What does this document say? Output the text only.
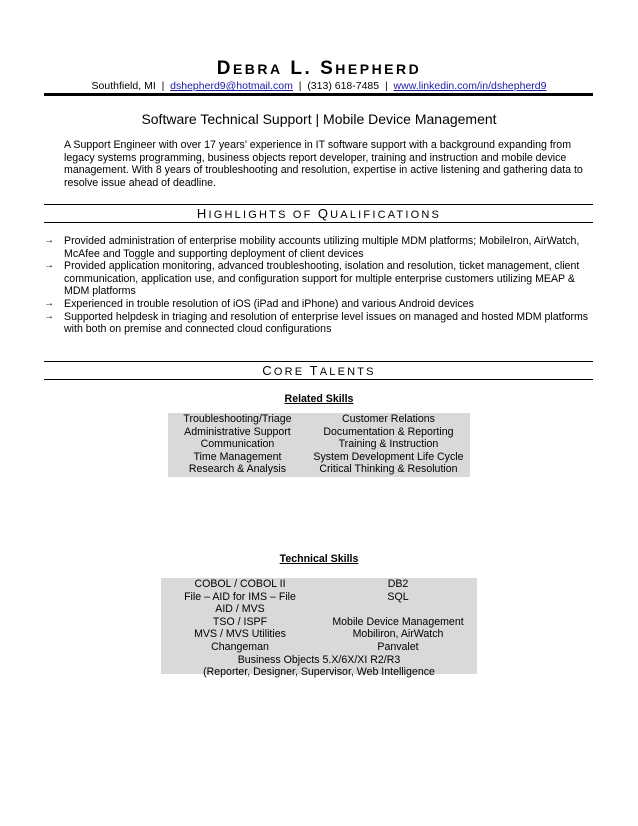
DEBRA L. SHEPHERD
Southfield, MI | dshepherd9@hotmail.com | (313) 618-7485 | www.linkedin.com/in/dshepherd9
Software Technical Support | Mobile Device Management
A Support Engineer with over 17 years’ experience in IT software support with a background expanding from legacy systems programming, business objects report developer, training and instruction and mobile device management. With 8 years of troubleshooting and resolution, expertise in active listening and gathering data to resolve issue ahead of deadline.
HIGHLIGHTS OF QUALIFICATIONS
→ Provided administration of enterprise mobility accounts utilizing multiple MDM platforms; MobileIron, AirWatch, McAfee and Toggle and supporting deployment of client devices
→ Provided application monitoring, advanced troubleshooting, isolation and resolution, ticket management, client communication, application use, and configuration support for multiple enterprise customers utilizing MEAP & MDM platforms
→ Experienced in trouble resolution of iOS (iPad and iPhone) and various Android devices
→ Supported helpdesk in triaging and resolution of enterprise level issues on managed and hosted MDM platforms with both on premise and connected cloud configurations
CORE TALENTS
Related Skills
Troubleshooting/Triage	Customer Relations
Administrative Support	Documentation & Reporting
Communication	Training & Instruction
Time Management	System Development Life Cycle
Research & Analysis	Critical Thinking & Resolution
Technical Skills
COBOL / COBOL II	DB2
File – AID for IMS – File AID / MVS	SQL
TSO / ISPF	Mobile Device Management
MVS / MVS Utilities	Mobiliron, AirWatch
Changeman	Panvalet
Business Objects 5.X/6X/XI R2/R3	
(Reporter, Designer, Supervisor, Web Intelligence	
